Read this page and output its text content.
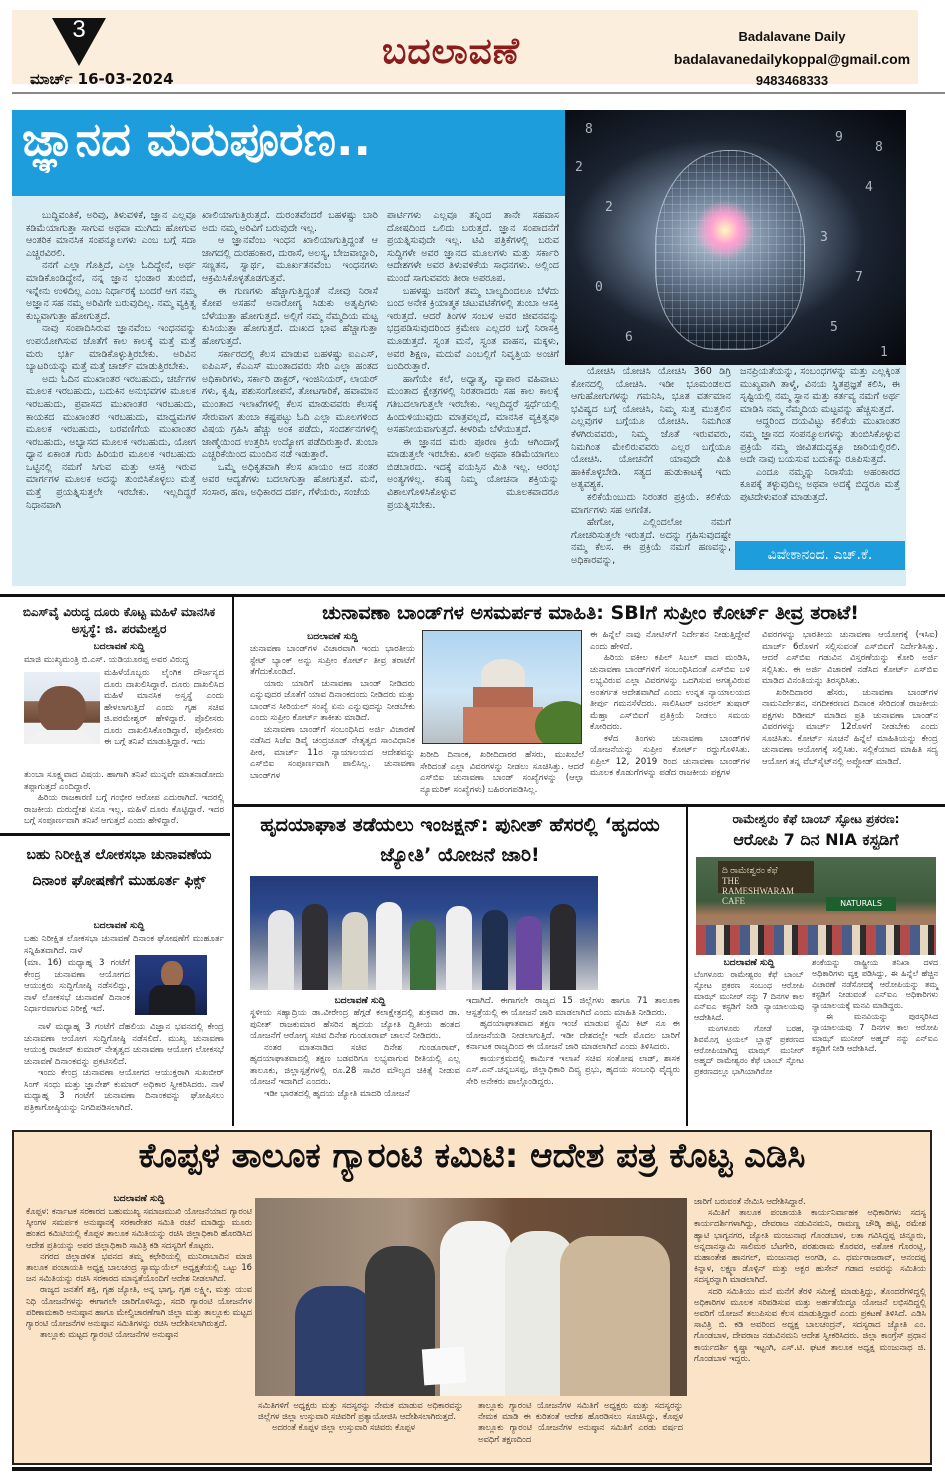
3
ಮಾರ್ಚ್ 16-03-2024
ಬದಲಾವಣೆ	Badalavane Daily
badalavanedailykoppal@gmail.com
9483468333
ಜ್ಞಾನದ ಮರುಪೂರಣ..	8
9
4
2
3
7
0
5
6
1
2
8

ಬುದ್ಧಿವಂತಿಕೆ, ಅರಿವು, ತಿಳುವಳಿಕೆ, ಜ್ಞಾನ ಎಲ್ಲವೂ ಕಡಿಮೆಯಾಗುತ್ತಾ ಸಾಗುವ ಅಥವಾ ಮುಗಿದು ಹೋಗುವ ಆಂತರಿಕ ಮಾನಸಿಕ ಸಂಪನ್ಮೂಲಗಳು ಎಂಬ ಬಗ್ಗೆ ಸದಾ ಎಚ್ಚರವಿರಲಿ.

ನನಗೆ ಎಲ್ಲಾ ಗೊತ್ತಿದೆ, ಎಲ್ಲಾ ಓದಿದ್ದೇನೆ, ಅರ್ಥ ಮಾಡಿಕೊಂಡಿದ್ದೇನೆ, ನನ್ನ ಜ್ಞಾನ ಭಂಡಾರ ತುಂಬಿದೆ, ಇನ್ನೇನು ಉಳಿದಿಲ್ಲ ಎಂಬ ನಿರ್ಧಾರಕ್ಕೆ ಬಂದರೆ ಆಗ ನಮ್ಮ ಅಜ್ಞಾನ ಸಹ ನಮ್ಮ ಅರಿವಿಗೇ ಬರುವುದಿಲ್ಲ. ನಮ್ಮ ವ್ಯಕ್ತಿತ್ವ ಕುಬ್ಜವಾಗುತ್ತಾ ಹೋಗುತ್ತದೆ.

ನಾವು ಸಂಪಾದಿಸಿರುವ ಜ್ಞಾನವೆಂಬ ಇಂಧನವನ್ನು ಉಪಯೋಗಿಸುವ ಜೊತೆಗೆ ಕಾಲ ಕಾಲಕ್ಕೆ ಮತ್ತೆ ಮತ್ತೆ ಮರು ಭರ್ತಿ ಮಾಡಿಕೊಳ್ಳುತ್ತಿರಬೇಕು. ಅರಿವಿನ ಬ್ಯಾಟರಿಯನ್ನು ಮತ್ತೆ ಮತ್ತೆ ಚಾರ್ಜ್ ಮಾಡುತ್ತಿರಬೇಕು.

ಅದು ಓದಿನ ಮುಖಾಂತರ ಇರಬಹುದು, ಚರ್ಚೆಗಳ ಮೂಲಕ ಇರಬಹುದು, ಬದುಕಿನ ಅನುಭವಗಳ ಮೂಲಕ ಇರಬಹುದು, ಪ್ರವಾಸದ ಮುಖಾಂತರ ಇರಬಹುದು, ಕಾಯಕದ ಮುಖಾಂತರ ಇರಬಹುದು, ಮಾಧ್ಯಮಗಳ ಮೂಲಕ ಇರಬಹುದು, ಬರವಣಿಗೆಯ ಮುಖಾಂತರ ಇರಬಹುದು, ಅಭ್ಯಾಸದ ಮೂಲಕ ಇರಬಹುದು, ಯೋಗ ಧ್ಯಾನ ಏಕಾಂತ ಗುರು ಹಿರಿಯರ ಮೂಲಕ ಇರಬಹುದು ಒಟ್ಟಿನಲ್ಲಿ ನಮಗೆ ಸಿಗುವ ಮತ್ತು ಆಸಕ್ತಿ ಇರುವ ಮಾರ್ಗಗಳ ಮೂಲಕ ಅದನ್ನು ತುಂಬಿಸಿಕೊಳ್ಳಲು ಮತ್ತೆ ಮತ್ತೆ ಪ್ರಯತ್ನಿಸುತ್ತಲೇ ಇರಬೇಕು. ಇಲ್ಲದಿದ್ದರೆ ನಿಧಾನವಾಗಿ

ಖಾಲಿಯಾಗುತ್ತಿರುತ್ತದೆ. ದುರಂತವೆಂದರೆ ಬಹಳಷ್ಟು ಬಾರಿ ಅದು ನಮ್ಮ ಅರಿವಿಗೆ ಬರುವುದೇ ಇಲ್ಲ.

ಆ ಜ್ಞಾನವೆಂಬ ಇಂಧನ ಖಾಲಿಯಾಗುತ್ತಿದ್ದಂತೆ ಆ ಜಾಗದಲ್ಲಿ ದುರಹಂಕಾರ, ದುರಾಸೆ, ಅಲಸ್ಯ, ಬೇಜವಾಬ್ದಾರಿ, ಸಣ್ಣತನ, ಸ್ವಾರ್ಥ, ಮೂರ್ಖತನವೆಂಬ ಇಂಧನಗಳು ಆಕ್ರಮಿಸಿಕೊಳ್ಳತೊಡಗುತ್ತವೆ.

ಈ ಗುಣಗಳು ಹೆಚ್ಚಾಗುತ್ತಿದ್ದಂತೆ ನೋವು ನಿರಾಸೆ ಕೋಪ ಅಸಹನೆ ಅನಾರೋಗ್ಯ ಸಿಡುಕು ಅತೃಪ್ತಿಗಳು ಬೆಳೆಯುತ್ತಾ ಹೋಗುತ್ತದೆ. ಅಲ್ಲಿಗೆ ನಮ್ಮ ನೆಮ್ಮದಿಯ ಮಟ್ಟ ಕುಸಿಯುತ್ತಾ ಹೋಗುತ್ತದೆ. ದುಃಖದ ಭಾವ ಹೆಚ್ಚಾಗುತ್ತಾ ಹೋಗುತ್ತದೆ.

ಸರ್ಕಾರದಲ್ಲಿ ಕೆಲಸ ಮಾಡುವ ಬಹಳಷ್ಟು ಐಎಎಸ್, ಐಪಿಎಸ್, ಕೆಎಎಸ್ ಮುಂತಾದವರು ಸೇರಿ ಎಲ್ಲಾ ಹಂತದ ಅಧಿಕಾರಿಗಳು, ಸರ್ಕಾರಿ ಡಾಕ್ಟರ್, ಇಂಜಿನಿಯರ್, ಲಾಯರ್ ಗಳು, ಕೃಷಿ, ಪಶುಸಂಗೋಪನೆ, ತೋಟಗಾರಿಕೆ, ಹವಾಮಾನ ಮುಂತಾದ ಇಲಾಖೆಗಳಲ್ಲಿ ಕೆಲಸ ಮಾಡುವವರು ಕೆಲಸಕ್ಕೆ ಸೇರುವಾಗ ತುಂಬಾ ಕಷ್ಟಪಟ್ಟು ಓದಿ ಎಲ್ಲಾ ಮೂಲಗಳಿಂದ ವಿಷಯ ಗ್ರಹಿಸಿ ಹೆಚ್ಚು ಅಂಕ ಪಡೆದು, ಸಂದರ್ಶನಗಳಲ್ಲಿ ಜಾಣ್ಮೆಯಿಂದ ಉತ್ತರಿಸಿ ಉದ್ಯೋಗ ಪಡೆದಿರುತ್ತಾರೆ. ತುಂಬಾ ಎಚ್ಚರಿಕೆಯಿಂದ ಮುಂದಿನ ನಡೆ ಇಡುತ್ತಾರೆ.

ಒಮ್ಮೆ ಅಧಿಕೃತವಾಗಿ ಕೆಲಸ ಖಾಯಂ ಆದ ನಂತರ ಅವರ ಆದ್ಯತೆಗಳು ಬದಲಾಗುತ್ತಾ ಹೋಗುತ್ತವೆ. ಮನೆ, ಸಂಸಾರ, ಹಣ, ಅಧಿಕಾರದ ದರ್ಪ, ಗೆಳೆಯರು, ಸಂಜೆಯ

ಪಾರ್ಟಿಗಳು ಎಲ್ಲವೂ ತನ್ನಿಂದ ತಾನೇ ಸಹವಾಸ ದೋಷದಿಂದ ಒಲಿದು ಬರುತ್ತದೆ. ಜ್ಞಾನ ಸಂಪಾದನೆಗೆ ಪ್ರಯತ್ನಿಸುವುದೇ ಇಲ್ಲ. ಟಿವಿ ಪತ್ರಿಕೆಗಳಲ್ಲಿ ಬರುವ ಸುದ್ದಿಗಳೇ ಅವರ ಜ್ಞಾನದ ಮೂಲಗಳು ಮತ್ತು ಸರ್ಕಾರಿ ಆದೇಶಗಳೇ ಅವರ ತಿಳುವಳಿಕೆಯ ಸಾಧನಗಳು. ಅಲ್ಲಿಂದ ಮುಂದೆ ಸಾಗುವವರು ತೀರಾ ಅಪರೂಪ.

ಬಹಳಷ್ಟು ಜನರಿಗೆ ತಮ್ಮ ಬಾಲ್ಯದಿಂದಲೂ ಬೆಳೆದು ಬಂದ ಅನೇಕ ಕ್ರಿಯಾತ್ಮಕ ಚಟುವಟಿಕೆಗಳಲ್ಲಿ ತುಂಬಾ ಆಸಕ್ತಿ ಇರುತ್ತದೆ. ಆದರೆ ತಿಂಗಳ ಸಂಬಳ ಅವರ ಜೀವನವನ್ನು ಭದ್ರಪಡಿಸುವುದರಿಂದ ಕ್ರಮೇಣ ಎಲ್ಲದರ ಬಗ್ಗೆ ನಿರಾಸಕ್ತಿ ಮೂಡುತ್ತದೆ. ಸ್ವಂತ ಮನೆ, ಸ್ವಂತ ವಾಹನ, ಮಕ್ಕಳು, ಅವರ ಶಿಕ್ಷಣ, ಮದುವೆ ಎಂಬಲ್ಲಿಗೆ ನಿವೃತ್ತಿಯ ಅಂಚಿಗೆ ಬಂದಿರುತ್ತಾರೆ.

ಹಾಗೆಯೇ ಕಲೆ, ಅಧ್ಯಾತ್ಮ, ವ್ಯಾಪಾರ ವಹಿವಾಟು ಮುಂತಾದ ಕ್ಷೇತ್ರಗಳಲ್ಲಿ ನಿರತರಾದರು ಸಹ ಕಾಲ ಕಾಲಕ್ಕೆ ಗತಿಬದಲಾಗುತ್ತಲೇ ಇರಬೇಕು. ಇಲ್ಲದಿದ್ದರೆ ಸ್ಪರ್ಧೆಯಲ್ಲಿ ಹಿಂದುಳಿಯುವುದು ಮಾತ್ರವಲ್ಲದೆ, ಮಾನಸಿಕ ವ್ಯಕ್ತಿತ್ವವೂ ಅಸಹನೀಯವಾಗುತ್ತದೆ. ಕೀಳರಿಮೆ ಬೆಳೆಯುತ್ತದೆ.

ಈ ಜ್ಞಾನದ ಮರು ಪೂರಣ ಕ್ರಿಯೆ ಆಗಿಂದಾಗ್ಗೆ ಮಾಡುತ್ತಲೇ ಇರಬೇಕು. ಖಾಲಿ ಅಥವಾ ಕಡಿಮೆಯಾಗಲು ಬಿಡಬಾರದು. ಇದಕ್ಕೆ ವಯಸ್ಸಿನ ಮಿತಿ ಇಲ್ಲ. ಆರಂಭ ಅಂತ್ಯಗಳಿಲ್ಲ. ಕನಿಷ್ಠ ನಿಮ್ಮ ಯೋಚನಾ ಶಕ್ತಿಯನ್ನು ವಿಶಾಲಗೊಳಿಸಿಕೊಳ್ಳುವ ಮೂಲಕವಾದರೂ ಪ್ರಯತ್ನಿಸಬೇಕು.

ಯೋಚಿಸಿ ಯೋಚಿಸಿ ಯೋಚಿಸಿ 360 ಡಿಗ್ರಿ ಕೋನದಲ್ಲಿ ಯೋಚಿಸಿ. ಇಡೀ ಭೂಮಂಡಲದ ಆಗುಹೋಗುಗಳನ್ನು ಗಮನಿಸಿ, ಭೂತ ವರ್ತಮಾನ ಭವಿಷ್ಯದ ಬಗ್ಗೆ ಯೋಚಿಸಿ, ನಿಮ್ಮ ಸುತ್ತ ಮುತ್ತಲಿನ ಎಲ್ಲವುಗಳ ಬಗ್ಗೆಯೂ ಯೋಚಿಸಿ. ನಿಮಗಿಂತ ಕೆಳಗಿರುವವರು, ನಿಮ್ಮ ಜೊತೆ ಇರುವವರು, ನಿಮಗಿಂತ ಮೇಲಿರುವವರು ಎಲ್ಲರ ಬಗ್ಗೆಯೂ ಯೋಚಿಸಿ. ಯೋಚನೆಗೆ ಯಾವುದೇ ಮಿತಿ ಹಾಕಿಕೊಳ್ಳಬೇಡಿ. ಸತ್ಯದ ಹುಡುಕಾಟಕ್ಕೆ ಇದು ಅತ್ಯವಶ್ಯಕ.

ಕಲಿಕೆಯೆಂಬುದು ನಿರಂತರ ಪ್ರಕ್ರಿಯೆ. ಕಲಿಕೆಯ ಮಾರ್ಗಗಳು ಸಹ ಅಗಣಿತ.

ಹೇಗೋ, ಎಲ್ಲಿಂದಲೋ ನಮಗೆ ಗೋಚರಿಸುತ್ತಲೇ ಇರುತ್ತದೆ. ಅದನ್ನು ಗ್ರಹಿಸುವುದಷ್ಟೇ ನಮ್ಮ ಕೆಲಸ. ಈ ಪ್ರಕ್ರಿಯೆ ನಮಗೆ ಹಣವನ್ನು, ಅಧಿಕಾರವನ್ನು,

ಜನಪ್ರಿಯತೆಯನ್ನು, ಸಂಬಂಧಗಳನ್ನು ಮತ್ತು ಎಲ್ಲಕ್ಕಿಂತ ಮುಖ್ಯವಾಗಿ ತಾಳ್ಮೆ, ವಿನಯ ಸ್ಥಿತಪ್ರಜ್ಞತೆ ಕಲಿಸಿ, ಈ ಸೃಷ್ಟಿಯಲ್ಲಿ ನಮ್ಮ ಸ್ಥಾನ ಮತ್ತು ಕರ್ತವ್ಯ ನಮಗೆ ಅರ್ಥ ಮಾಡಿಸಿ ನಮ್ಮ ನೆಮ್ಮದಿಯ ಮಟ್ಟವನ್ನು ಹೆಚ್ಚಿಸುತ್ತದೆ.

ಆದ್ದರಿಂದ ದಯವಿಟ್ಟು ಕಲಿಕೆಯ ಮುಖಾಂತರ ನಮ್ಮ ಜ್ಞಾನದ ಸಂಪನ್ಮೂಲಗಳನ್ನು ತುಂಬಿಸಿಕೊಳ್ಳುವ ಪ್ರಕ್ರಿಯೆ ನಮ್ಮ ಜೀವಿತದುದ್ದಕ್ಕೂ ಜಾರಿಯಲ್ಲಿರಲಿ. ಅದೇ ನಾವು ಬಯಸುವ ಬದುಕನ್ನು ರೂಪಿಸುತ್ತದೆ.

ಎಂದೂ ನಮ್ಮನ್ನು ನಿರಾಸೆಯ ಅಹಂಕಾರದ ಕೂಪಕ್ಕೆ ತಳ್ಳುವುದಿಲ್ಲ ಅಥವಾ ಅದಕ್ಕೆ ಬಿದ್ದರೂ ಮತ್ತೆ ಪುಟಿದೇಳುವಂತೆ ಮಾಡುತ್ತದೆ.

ವಿವೇಕಾನಂದ. ಎಚ್.ಕೆ.
ಬಿಎಸ್‌ವೈ ವಿರುದ್ಧ ದೂರು ಕೊಟ್ಟ ಮಹಿಳೆ ಮಾನಸಿಕ ಅಸ್ವಸ್ಥೆ: ಜಿ. ಪರಮೇಶ್ವರ
ಬದಲಾವಣೆ ಸುದ್ದಿ
ಮಾಜಿ ಮುಖ್ಯಮಂತ್ರಿ ಬಿ.ಎಸ್. ಯಡಿಯೂರಪ್ಪ ಅವರ ವಿರುದ್ಧ
ಮಹಿಳೆಯೊಬ್ಬರು ಲೈಂಗಿಕ ದೌರ್ಜನ್ಯದ ದೂರು ದಾಖಲಿಸಿದ್ದಾರೆ. ದೂರು ದಾಖಲಿಸಿದ ಮಹಿಳೆ ಮಾನಸಿಕ ಅಸ್ವಸ್ಥೆ ಎಂದು ಹೇಳಲಾಗುತ್ತಿದೆ ಎಂದು ಗೃಹ ಸಚಿವ ಜಿ.ಪರಮೇಶ್ವರ್ ಹೇಳಿದ್ದಾರೆ. ಪೊಲೀಸರು ದೂರು ದಾಖಲಿಸಿಕೊಂಡಿದ್ದಾರೆ. ಪೊಲೀಸರು ಈ ಬಗ್ಗೆ ತನಿಖೆ ಮಾಡುತ್ತಿದ್ದಾರೆ. ಇದು

ತುಂಬಾ ಸೂಕ್ಷ್ಮವಾದ ವಿಷಯ. ಹಾಗಾಗಿ ತನಿಖೆ ಮುನ್ನವೇ ಮಾತನಾಡೋದು ತಪ್ಪಾಗುತ್ತದೆ ಎಂದಿದ್ದಾರೆ.

ಹಿರಿಯ ರಾಜಕಾರಣಿ ಬಗ್ಗೆ ಗಂಭೀರ ಆರೋಪ ಎದುರಾಗಿದೆ. ಇದರಲ್ಲಿ ರಾಜಕೀಯ ದುರುದ್ದೇಶ ಏನೂ ಇಲ್ಲ. ಮಹಿಳೆ ದೂರು ಕೊಟ್ಟಿದ್ದಾರೆ. ಇದರ ಬಗ್ಗೆ ಸಂಪೂರ್ಣವಾಗಿ ತನಿಖೆ ಆಗುತ್ತದೆ ಎಂದು ಹೇಳಿದ್ದಾರೆ.

ಚುನಾವಣಾ ಬಾಂಡ್‌ಗಳ ಅಸಮರ್ಪಕ ಮಾಹಿತಿ: SBIಗೆ ಸುಪ್ರೀಂ ಕೋರ್ಟ್ ತೀವ್ರ ತರಾಟೆ!
ಬದಲಾವಣೆ ಸುದ್ದಿ

ಚುನಾವಣಾ ಬಾಂಡ್‌ಗಳ ವಿಚಾರವಾಗಿ ಇಂದು ಭಾರತೀಯ ಸ್ಟೇಟ್ ಬ್ಯಾಂಕ್ ಅನ್ನು ಸುಪ್ರೀಂ ಕೋರ್ಟ್ ತೀವ್ರ ತರಾಟೆಗೆ ತೆಗೆದುಕೊಂಡಿದೆ.

ಯಾರು ಯಾರಿಗೆ ಚುನಾವಣಾ ಬಾಂಡ್ ನೀಡಿದರು ಎನ್ನುವುದರ ಜೊತೆಗೆ ಯಾವ ದಿನಾಂಕದಂದು ನೀಡಿದರು ಮತ್ತು ಬಾಂಡ್‌ನ ಸೀರಿಯಲ್ ಸಂಖ್ಯೆ ಏನು ಎನ್ನುವುದನ್ನು ನೀಡಬೇಕು ಎಂದು ಸುಪ್ರೀಂ ಕೋರ್ಟ್ ತಾಕೀತು ಮಾಡಿದೆ.

ಚುನಾವಣಾ ಬಾಂಡ್‌ಗೆ ಸಂಬಂಧಿಸಿದ ಅರ್ಜಿ ವಿಚಾರಣೆ ನಡೆಸಿದ ಸಿಜೆಐ ಡಿವೈ ಚಂದ್ರಚೂಡ್ ನೇತೃತ್ವದ ಸಾಂವಿಧಾನಿಕ ಪೀಠ, ಮಾರ್ಚ್ 11ರ ನ್ಯಾಯಾಲಯದ ಆದೇಶವನ್ನು ಎಸ್‌ಬಿಐ ಸಂಪೂರ್ಣವಾಗಿ ಪಾಲಿಸಿಲ್ಲ. ಚುನಾವಣಾ ಬಾಂಡ್‌ಗಳ

ಖರೀದಿ ದಿನಾಂಕ, ಖರೀದಿದಾರರ ಹೆಸರು, ಮುಖಬೆಲೆ ಸೇರಿದಂತೆ ಎಲ್ಲಾ ವಿವರಗಳನ್ನು ನೀಡಲು ಸೂಚಿಸಿತ್ತು. ಆದರೆ ಎಸ್‌ಬಿಐ ಚುನಾವಣಾ ಬಾಂಡ್ ಸಂಖ್ಯೆಗಳನ್ನು (ಆಲ್ಫಾ ನ್ಯೂಮರಿಕ್ ಸಂಖ್ಯೆಗಳು) ಬಹಿರಂಗಪಡಿಸಿಲ್ಲ.

ಈ ಹಿನ್ನೆಲೆ ನಾವು ನೋಟಿಸ್‌ಗೆ ನಿರ್ದೇಶನ ನೀಡುತ್ತಿದ್ದೇವೆ ಎಂದು ಹೇಳಿದೆ.

ಹಿರಿಯ ವಕೀಲ ಕಪಿಲ್ ಸಿಬಲ್ ವಾದ ಮಂಡಿಸಿ, ಚುನಾವಣಾ ಬಾಂಡ್‌ಗಳಿಗೆ ಸಂಬಂಧಿಸಿದಂತೆ ಎಸ್‌ಬಿಐ ಬಳಿ ಲಭ್ಯವಿರುವ ಎಲ್ಲಾ ವಿವರಗಳನ್ನು ಒದಗಿಸುವ ಅಗತ್ಯವಿರುವ ಅಂತರ್ಗತ ಆದೇಶವಾಗಿದೆ ಎಂದು ಉನ್ನತ ನ್ಯಾಯಾಲಯದ ತೀರ್ಪು ಗಮನಸೆಳೆದರು. ಸಾಲಿಸಿಟರ್ ಜನರಲ್ ತುಷಾರ್ ಮೆಹ್ತಾ ಎಸ್‌ಬಿಐಗೆ ಪ್ರತಿಕ್ರಿಯೆ ನೀಡಲು ಸಮಯ ಕೋರಿದರು.

ಕಳೆದ ತಿಂಗಳು ಚುನಾವಣಾ ಬಾಂಡ್‌ಗಳ ಯೋಜನೆಯನ್ನು ಸುಪ್ರೀಂ ಕೋರ್ಟ್ ರದ್ದುಗೊಳಿಸಿತು. ಏಪ್ರಿಲ್ 12, 2019 ರಿಂದ ಚುನಾವಣಾ ಬಾಂಡ್‌ಗಳ ಮೂಲಕ ಕೊಡುಗೆಗಳನ್ನು ಪಡೆದ ರಾಜಕೀಯ ಪಕ್ಷಗಳ

ವಿವರಗಳನ್ನು ಭಾರತೀಯ ಚುನಾವಣಾ ಆಯೋಗಕ್ಕೆ (ಇಸಿಐ) ಮಾರ್ಚ್ 6ರೊಳಗೆ ಸಲ್ಲಿಸುವಂತೆ ಎಸ್‌ಬಿಐಗೆ ನಿರ್ದೇಶಿಸಿತ್ತು. ಆದರೆ ಎಸ್‌ಬಿಐ ಗಡುವಿನ ವಿಸ್ತರಣೆಯನ್ನು ಕೋರಿ ಅರ್ಜಿ ಸಲ್ಲಿಸಿತು. ಈ ಅರ್ಜಿ ವಿಚಾರಣೆ ನಡೆಸಿದ ಕೋರ್ಟ್ ಎಸ್‌ಬಿಐ ಮಾಡಿದ ವಿನಂತಿಯನ್ನು ತಿರಸ್ಕರಿಸಿತು.

ಖರೀದಿದಾರರ ಹೆಸರು, ಚುನಾವಣಾ ಬಾಂಡ್‌ಗಳ ನಾಮನಿರ್ದೇಶನ, ನಗದೀಕರಣದ ದಿನಾಂಕ ಸೇರಿದಂತೆ ರಾಜಕೀಯ ಪಕ್ಷಗಳು ರಿಡೀಮ್ ಮಾಡಿದ ಪ್ರತಿ ಚುನಾವಣಾ ಬಾಂಡ್‌ನ ವಿವರಗಳನ್ನು ಮಾರ್ಚ್ 12ರೊಳಗೆ ನೀಡಬೇಕು ಎಂದು ಸೂಚಿಸಿತು. ಕೋರ್ಟ್ ಸೂಚನೆ ಹಿನ್ನೆಲೆ ಮಾಹಿತಿಯನ್ನು ಕೇಂದ್ರ ಚುನಾವಣಾ ಆಯೋಗಕ್ಕೆ ಸಲ್ಲಿಸಿತು. ಸಲ್ಲಿಕೆಯಾದ ಮಾಹಿತಿ ಸದ್ಯ ಆಯೋಗ ತನ್ನ ವೆಬ್‌ಸೈಟ್‌ನಲ್ಲಿ ಅಪ್ಲೋಡ್ ಮಾಡಿದೆ.

ಬಹು ನಿರೀಕ್ಷಿತ ಲೋಕಸಭಾ ಚುನಾವಣೆಯ ದಿನಾಂಕ ಘೋಷಣೆಗೆ ಮುಹೂರ್ತ ಫಿಕ್ಸ್
ಬದಲಾವಣೆ ಸುದ್ದಿ
ಬಹು ನಿರೀಕ್ಷಿತ ಲೋಕಸಭಾ ಚುನಾವಣೆ ದಿನಾಂಕ ಘೋಷಣೆಗೆ ಮುಹೂರ್ತ ಸನ್ನಿಹಿತವಾಗಿದೆ. ನಾಳೆ
(ಮಾ. 16) ಮಧ್ಯಾಹ್ನ 3 ಗಂಟೆಗೆ ಕೇಂದ್ರ ಚುನಾವಣಾ ಆಯೋಗದ ಆಯುಕ್ತರು ಸುದ್ದಿಗೋಷ್ಠಿ ನಡೆಸಲಿದ್ದು, ನಾಳೆ ಲೋಕಸಭೆ ಚುನಾವಣೆ ದಿನಾಂಕ ನಿರ್ಧಾರವಾಗುವ ನಿರೀಕ್ಷೆ ಇದೆ.

ನಾಳೆ ಮಧ್ಯಾಹ್ನ 3 ಗಂಟೆಗೆ ದೆಹಲಿಯ ವಿಜ್ಞಾನ ಭವನದಲ್ಲಿ ಕೇಂದ್ರ ಚುನಾವಣಾ ಆಯೋಗ ಸುದ್ದಿಗೋಷ್ಠಿ ನಡೆಸಲಿದೆ. ಮುಖ್ಯ ಚುನಾವಣಾ ಆಯುಕ್ತ ರಾಜೀವ್ ಕುಮಾರ್ ನೇತೃತ್ವದ ಚುನಾವಣಾ ಆಯೋಗ ಲೋಕಸಭೆ ಚುನಾವಣೆ ದಿನಾಂಕವನ್ನು ಪ್ರಕಟಿಸಲಿದೆ.

ಇಂದು ಕೇಂದ್ರ ಚುನಾವಣಾ ಆಯೋಗದ ಆಯುಕ್ತರಾಗಿ ಸುಖಬೀರ್ ಸಿಂಗ್ ಸಂಧು ಮತ್ತು ಜ್ಞಾನೇಶ್ ಕುಮಾರ್ ಅಧಿಕಾರ ಸ್ವೀಕರಿಸಿದರು. ನಾಳೆ ಮಧ್ಯಾಹ್ನ 3 ಗಂಟೆಗೆ ಚುನಾವಣಾ ದಿನಾಂಕವನ್ನು ಘೋಷಿಸಲು ಪತ್ರಿಕಾಗೋಷ್ಠಿಯನ್ನು ನಿಗದಿಪಡಿಸಲಾಗಿದೆ.

ಹೃದಯಾಘಾತ ತಡೆಯಲು ಇಂಜಕ್ಷನ್: ಪುನೀತ್ ಹೆಸರಲ್ಲಿ ‘ಹೃದಯ ಜ್ಯೋತಿ’ ಯೋಜನೆ ಜಾರಿ!
ಬದಲಾವಣೆ ಸುದ್ದಿ

ಸ್ಥಳೀಯ ಸಹ್ಯಾದ್ರಿಯ ಡಾ.ವೀರೇಂದ್ರ ಹೆಗ್ಗಡೆ ಕಲಾಕ್ಷೇತ್ರದಲ್ಲಿ ಶುಕ್ರವಾರ ಡಾ. ಪುನೀತ್ ರಾಜಕುಮಾರ ಹೆಸರಿನ ಹೃದಯ ಜ್ಯೋತಿ ದ್ವಿತೀಯ ಹಂತದ ಯೋಜನೆಗೆ ಆರೋಗ್ಯ ಸಚಿವ ದಿನೇಶ ಗುಂಡೂರಾವ್ ಚಾಲನೆ ನೀಡಿದರು.

ನಂತರ ಮಾತನಾಡಿದ ಸಚಿವ ದಿನೇಶ ಗುಂಡೂರಾವ್, ಹೃದಯಾಘಾತವಾದಲ್ಲಿ ತಕ್ಷಣ ಬಡವರಿಗೂ ಲಭ್ಯವಾಗುವ ರೀತಿಯಲ್ಲಿ ಎಲ್ಲ ತಾಲೂಕು, ಜಿಲ್ಲಾಸ್ಪತ್ರೆಗಳಲ್ಲಿ ರೂ.28 ಸಾವಿರ ಮೌಲ್ಯದ ಚಿಕಿತ್ಸೆ ನೀಡುವ ಯೋಜನೆ ಇದಾಗಿದೆ ಎಂದರು.

ಇಡೀ ಭಾರತದಲ್ಲಿ ಹೃದಯ ಜ್ಯೋತಿ ಮಾದರಿ ಯೋಜನೆ

ಇದಾಗಿದೆ. ಈಗಾಗಲೇ ರಾಜ್ಯದ 15 ಜಿಲ್ಲೆಗಳು ಹಾಗೂ 71 ತಾಲೂಕಾ ಆಸ್ಪತ್ರೆಯಲ್ಲಿ ಈ ಯೋಜನೆ ಜಾರಿ ಮಾಡಲಾಗಿದೆ ಎಂದು ಮಾಹಿತಿ ನೀಡಿದರು.

ಹೃದಯಾಘಾತವಾದ ತಕ್ಷಣ ಇಂಜೆ ಮಾಡುವ ಸ್ಟೆಮಿ ಕಿಟ್ ನೂ ಈ ಯೋಜನೆಯಡಿ ನೀಡಲಾಗುತ್ತಿದೆ. ಇಡೀ ದೇಶದಲ್ಲೇ ಇದೇ ಮೊದಲ ಬಾರಿಗೆ ಕರ್ನಾಟಕ ರಾಜ್ಯದಿಂದ ಈ ಯೋಜನೆ ಜಾರಿ ಮಾಡಲಾಗಿದೆ ಎಂದು ತಿಳಿಸಿದರು.

ಕಾರ್ಯಕ್ರಮದಲ್ಲಿ ಕಾರ್ಮಿಕ ಇಲಾಖೆ ಸಚಿವ ಸಂತೋಷ ಲಾಡ್, ಶಾಸಕ ಎಸ್.ಎನ್.ಚನ್ನಬಸಪ್ಪ, ಜಿಲ್ಲಾಧಿಕಾರಿ ದಿವ್ಯ ಪ್ರಭು, ಹೃದಯ ಸಂಬಂಧಿ ವೈದ್ಯರು ಸೇರಿ ಅನೇಕರು ಪಾಲ್ಗೊಂಡಿದ್ದರು.

ರಾಮೇಶ್ವರಂ ಕೆಫೆ ಬಾಂಬ್ ಸ್ಫೋಟ ಪ್ರಕರಣ:
ಆರೋಪಿ 7 ದಿನ NIA ಕಸ್ಟಡಿಗೆ
ದಿ ರಾಮೇಶ್ವರಂ ಕೆಫೆ
THE RAMESHWARAM CAFE	NATURALS
ಬದಲಾವಣೆ ಸುದ್ದಿ

ಬೆಂಗಳೂರು ರಾಮೇಶ್ವರಂ ಕೆಫೆ ಬಾಂಬ್ ಸ್ಫೋಟ ಪ್ರಕರಣ ಸಂಬಂಧ ಆರೋಪಿ ಮಾಝ್ ಮುನೀರ್ ನನ್ನು 7 ದಿನಗಳ ಕಾಲ ಎನ್‌ಐಎ ಕಸ್ಟಡಿಗೆ ನೀಡಿ ನ್ಯಾಯಾಲಯವು ಆದೇಶಿಸಿದೆ.

ಮಂಗಳೂರು ಗೋಡೆ ಬರಹ, ಶಿವಮೊಗ್ಗ ಟ್ರಯಲ್ ಬ್ಲಾಸ್ಟ್ ಪ್ರಕರಣದ ಆರೋಪಿಯಾಗಿದ್ದ ಮಾಝ್ ಮುನೀರ್ ಅಹ್ಮದ್ ರಾಮೇಶ್ವರಂ ಕೆಫೆ ಬಾಂಬ್ ಸ್ಫೋಟ ಪ್ರಕರಣದಲ್ಲೂ ಭಾಗಿಯಾಗಿರೋ

ಶಂಕೆಯನ್ನು ರಾಷ್ಟ್ರೀಯ ತನಿಖಾ ದಳದ ಅಧಿಕಾರಿಗಳು ವ್ಯಕ್ತ ಪಡಿಸಿದ್ದು, ಈ ಹಿನ್ನೆಲೆ ಹೆಚ್ಚಿನ ವಿಚಾರಣೆ ನಡೆಸೋದಕ್ಕೆ ಆರೋಪಿಯನ್ನು ತಮ್ಮ ಕಸ್ಟಡಿಗೆ ನೀಡುವಂತೆ ಎನ್‌ಐಎ ಅಧಿಕಾರಿಗಳು ನ್ಯಾಯಾಲಯಕ್ಕೆ ಮನವಿ ಮಾಡಿದ್ದರು.

ಈ ಮನವಿಯನ್ನು ಪುರಸ್ಕರಿಸಿದ ನ್ಯಾಯಾಲಯವು 7 ದಿನಗಳ ಕಾಲ ಆರೋಪಿ ಮಾಝ್ ಮುನೀರ್ ಅಹ್ಮದ್ ನನ್ನು ಎನ್‌ಐಎ ಕಸ್ಟಡಿಗೆ ನೀಡಿ ಆದೇಶಿಸಿದೆ.

ಕೊಪ್ಪಳ ತಾಲೂಕ ಗ್ಯಾರಂಟಿ ಕಮಿಟಿ: ಆದೇಶ ಪತ್ರ ಕೊಟ್ಟ ಎಡಿಸಿ
ಬದಲಾವಣೆ ಸುದ್ದಿ

ಕೊಪ್ಪಳ: ಕರ್ನಾಟಕ ಸರಕಾರದ ಬಹುಮುಖ್ಯ ಸಮಾಜಮುಖಿ ಯೋಜನೆಯಾದ ಗ್ಯಾರಂಟಿ ಸ್ಕೀಂಗಳ ಸಮರ್ಪಕ ಅನುಷ್ಠಾನಕ್ಕೆ ಸರಕಾರೇತರ ಸಮಿತಿ ರಚನೆ ಮಾಡಿದ್ದು ಮೂರು ಹಂತದ ಕಮಿಟಿಯಲ್ಲಿ ಕೊಪ್ಪಳ ತಾಲೂಕ ಸಮಿತಿಯನ್ನು ರಚಿಸಿ ಜಿಲ್ಲಾಧಿಕಾರಿ ಹೊರಡಿಸಿದ ಆದೇಶ ಪ್ರತಿಯನ್ನು ಅಪರ ಜಿಲ್ಲಾಧಿಕಾರಿ ಸಾವಿತ್ರಿ ಕಡಿ ಸದಸ್ಯರಿಗೆ ಕೊಟ್ಟರು.

ನಗರದ ಜಿಲ್ಲಾಡಳಿತ ಭವನದ ತಮ್ಮ ಕಛೇರಿಯಲ್ಲಿ ಮುನಿರಾಬಾದಿನ ಮಾಜಿ ತಾಲೂಕ ಪಂಚಾಯತಿ ಅಧ್ಯಕ್ಷ ಬಾಲಚಂದ್ರ ಸ್ಯಾಮ್ಯುಯೆಲ್ ಅಧ್ಯಕ್ಷತೆಯಲ್ಲಿ ಒಟ್ಟು 16 ಜನ ಸಮಿತಿಯನ್ನು ರಚಿಸಿ ಸರಕಾರದ ಮಾನ್ಯತೆಯೊಂದಿಗೆ ಆದೇಶ ನೀಡಲಾಗಿದೆ.

ರಾಜ್ಯದ ಜನತೆಗೆ ಶಕ್ತಿ, ಗೃಹ ಜ್ಯೋತಿ, ಅನ್ನ ಭಾಗ್ಯ, ಗೃಹ ಲಕ್ಷ್ಮೀ, ಮತ್ತು ಯುವ ನಿಧಿ ಯೋಜನೆಗಳನ್ನು ಈಗಾಗಲೇ ಜಾರಿಗೊಳಿಸಿದ್ದು, ಸದರಿ ಗ್ಯಾರಂಟಿ ಯೋಜನೆಗಳ ಪರಿಣಾಮಕಾರಿ ಅನುಷ್ಠಾನ ಹಾಗೂ ಮೇಲ್ವಿಚಾರಣೆಗಾಗಿ ಜಿಲ್ಲಾ ಮತ್ತು ತಾಲ್ಲೂಕು ಮಟ್ಟದ ಗ್ಯಾರಂಟಿ ಯೋಜನೆಗಳ ಅನುಷ್ಠಾನ ಸಮಿತಿಗಳನ್ನು ರಚಿಸಿ ಆದೇಶಿಸಲಾಗಿರುತ್ತದೆ.

ತಾಲ್ಲೂಕು ಮಟ್ಟದ ಗ್ಯಾರಂಟಿ ಯೋಜನೆಗಳ ಅನುಷ್ಠಾನ

ಸಮಿತಿಗಳಿಗೆ ಅಧ್ಯಕ್ಷರು ಮತ್ತು ಸದಸ್ಯರನ್ನು ನೇಮಕ ಮಾಡುವ ಅಧಿಕಾರವನ್ನು ಜಿಲ್ಲೆಗಳ ಜಿಲ್ಲಾ ಉಸ್ತುವಾರಿ ಸಚಿವರಿಗೆ ಪ್ರತ್ಯಾಯೋಜಿಸಿ ಆದೇಶಿಸಲಾಗಿರುತ್ತದೆ.

ಅದರಂತೆ ಕೊಪ್ಪಳ ಜಿಲ್ಲಾ ಉಸ್ತುವಾರಿ ಸಚಿವರು ಕೊಪ್ಪಳ

ತಾಲ್ಲೂಕು ಗ್ಯಾರಂಟಿ ಯೋಜನೆಗಳ ಸಮಿತಿಗೆ ಅಧ್ಯಕ್ಷರು ಮತ್ತು ಸದಸ್ಯರನ್ನು ನೇಮಕ ಮಾಡಿ ಈ ಕುರಿತಂತೆ ಆದೇಶ ಹೊರಡಿಸಲು ಸೂಚಿಸಿದ್ದು, ಕೊಪ್ಪಳ ತಾಲ್ಲೂಕು ಗ್ಯಾರಂಟಿ ಯೋಜನೆಗಳ ಅನುಷ್ಠಾನ ಸಮಿತಿಗೆ ಎರಡು ವರ್ಷದ ಅವಧಿಗೆ ತಕ್ಷಣದಿಂದ

ಜಾರಿಗೆ ಬರುವಂತೆ ನೇಮಿಸಿ ಆದೇಶಿಸಿದ್ದಾರೆ.

ಸಮಿತಿಗೆ ತಾಲೂಕ ಪಂಚಾಯತಿ ಕಾರ್ಯನಿರ್ವಾಹಕ ಅಧಿಕಾರಿಗಳು ಸದಸ್ಯ ಕಾರ್ಯದರ್ಶಿಗಳಾಗಿದ್ದು, ದೇವರಾಜ ನಡುವಿನಮನಿ, ರಾಮಣ್ಣ ಚೌಡ್ಕಿ ಹಟ್ಟಿ, ರಮೇಶ ಹ್ಯಾಟಿ ಭಾಗ್ಯನಗರ, ಜ್ಯೋತಿ ಮಂಜುನಾಥ ಗೊಂಡಬಾಳ, ಲತಾ ಗವಿಸಿದ್ದಪ್ಪ ಚಿನ್ನೂರು, ಅನ್ನದಾನಸ್ವಾಮಿ ಸಾಲಿಮಠ ಬೆಟಗೇರಿ, ಪರಶುರಾಮ ಕೊರವರ, ಅಶೋಕ ಗೊರಂಟ್ಲಿ, ಮಹಾಂತೇಶ ಹಾನಗಲ್, ಮಂಜುನಾಥ ಅಂಗಡಿ, ಎ. ಧರ್ಮರಾಜರಾವ್, ಆನಂದಪ್ಪ ಕಿನ್ನಾಳ, ಲಕ್ಷ್ಮಣ ಡೊಳ್ಳಿನ್ ಮತ್ತು ಅಕ್ಬರ ಹುಸೇನ್ ಗಡಾದ ಅವರನ್ನು ಸಮಿತಿಯ ಸದಸ್ಯರನ್ನಾಗಿ ಮಾಡಲಾಗಿದೆ.

ಸದರಿ ಸಮಿತಿಯು ಮನೆ ಮನೆಗೆ ತೆರಳಿ ಸಮೀಕ್ಷೆ ಮಾಡುತ್ತಿದ್ದು, ತೊಂದರೆಗಳಿದ್ದಲ್ಲಿ ಅಧಿಕಾರಿಗಳ ಮೂಲಕ ಸರಿಪಡಿಸುವ ಮತ್ತು ಅರ್ಹತೆಯಿದ್ದೂ ಯೋಜನೆ ಲಭಿಸದಿದ್ದಲ್ಲಿ ಅವರಿಗೆ ಯೋಜನೆ ತಲುಪಿಸುವ ಕೆಲಸ ಮಾಡುತ್ತಿದ್ದಾರೆ ಎಂದು ಪ್ರಕಟಣೆ ತಿಳಿಸಿದೆ. ಎಡಿಸಿ ಸಾವಿತ್ರಿ ಬಿ. ಕಡಿ ಅವರಿಂದ ಅಧ್ಯಕ್ಷ ಬಾಲಚಂದ್ರನ್, ಸದಸ್ಯರಾದ ಜ್ಯೋತಿ ಎಂ. ಗೊಂಡಬಾಳ, ದೇವರಾಜ ನಡುವಿನಮನಿ ಆದೇಶ ಸ್ವೀಕರಿಸಿದರು. ಜಿಲ್ಲಾ ಕಾಂಗ್ರೆಸ್ ಪ್ರಧಾನ ಕಾರ್ಯದರ್ಶಿ ಕೃಷ್ಣಾ ಇಟ್ಟಂಗಿ, ಎಸ್.ಟಿ. ಘಟಕ ತಾಲೂಕ ಅಧ್ಯಕ್ಷ ಮಂಜುನಾಥ ಜಿ. ಗೊಂಡಬಾಳ ಇದ್ದರು.
